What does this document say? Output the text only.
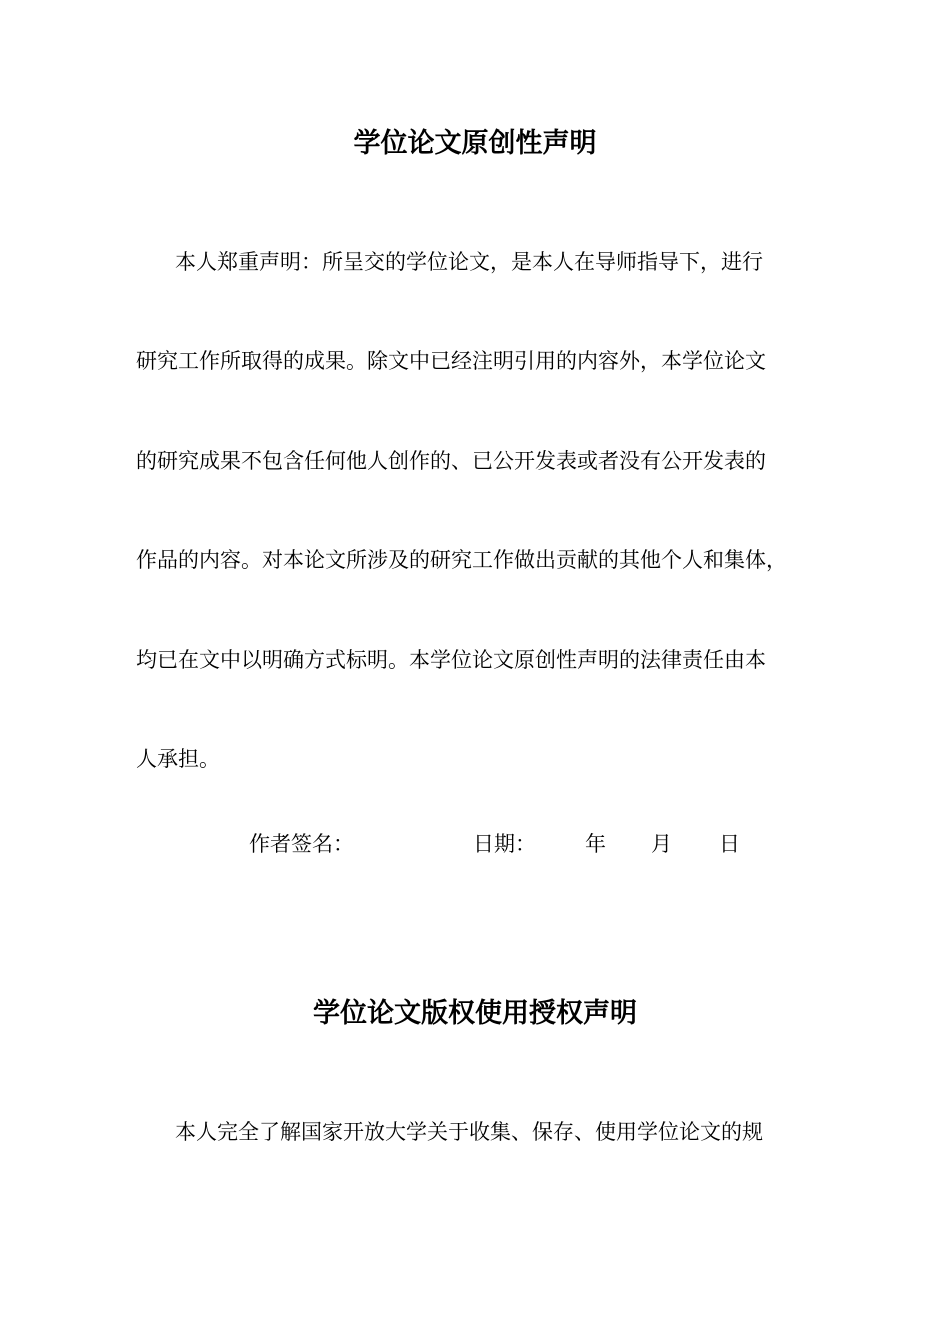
学位论文原创性声明

本人郑重声明：所呈交的学位论文，是本人在导师指导下，进行

研究工作所取得的成果。除文中已经注明引用的内容外，本学位论文

的研究成果不包含任何他人创作的、已公开发表或者没有公开发表的

作品的内容。对本论文所涉及的研究工作做出贡献的其他个人和集体，

均已在文中以明确方式标明。本学位论文原创性声明的法律责任由本

人承担。

作者签名：	日期： 年 月 日
学位论文版权使用授权声明

本人完全了解国家开放大学关于收集、保存、使用学位论文的规
